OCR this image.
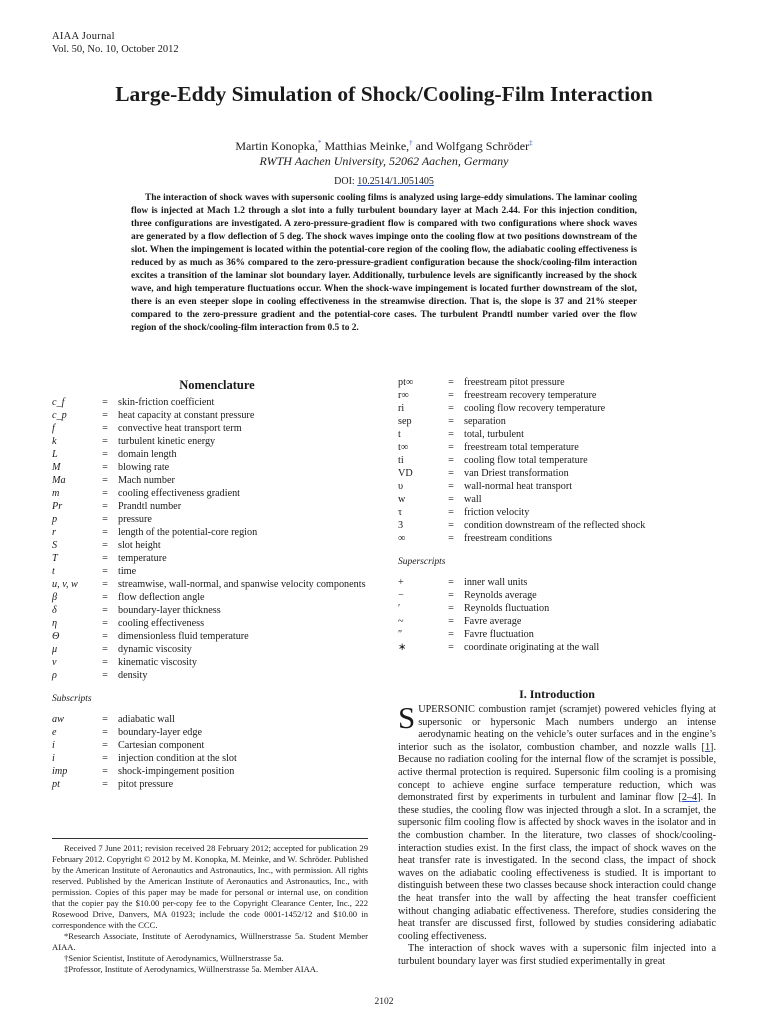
AIAA Journal
Vol. 50, No. 10, October 2012
Large-Eddy Simulation of Shock/Cooling-Film Interaction
Martin Konopka,* Matthias Meinke,† and Wolfgang Schröder‡
RWTH Aachen University, 52062 Aachen, Germany
DOI: 10.2514/1.J051405

The interaction of shock waves with supersonic cooling films is analyzed using large-eddy simulations. The laminar cooling flow is injected at Mach 1.2 through a slot into a fully turbulent boundary layer at Mach 2.44. For this injection condition, three configurations are investigated. A zero-pressure-gradient flow is compared with two configurations where shock waves are generated by a flow deflection of 5 deg. The shock waves impinge onto the cooling flow at two positions downstream of the slot. When the impingement is located within the potential-core region of the cooling flow, the adiabatic cooling effectiveness is reduced by as much as 36% compared to the zero-pressure-gradient configuration because the shock/cooling-film interaction excites a transition of the laminar slot boundary layer. Additionally, turbulence levels are significantly increased by the shock wave, and high temperature fluctuations occur. When the shock-wave impingement is located further downstream of the slot, there is an even steeper slope in cooling effectiveness in the streamwise direction. That is, the slope is 37 and 21% steeper compared to the zero-pressure gradient and the potential-core cases. The turbulent Prandtl number varied over the flow region of the shock/cooling-film interaction from 0.5 to 2.

Nomenclature
c_f	= skin-friction coefficient
c_p	= heat capacity at constant pressure
f	= convective heat transport term
k	= turbulent kinetic energy
L	= domain length
M	= blowing rate
Ma	= Mach number
m	= cooling effectiveness gradient
Pr	= Prandtl number
p	= pressure
r	= length of the potential-core region
S	= slot height
T	= temperature
t	= time
u, v, w	= streamwise, wall-normal, and spanwise velocity components
β	= flow deflection angle
δ	= boundary-layer thickness
η	= cooling effectiveness
Θ	= dimensionless fluid temperature
μ	= dynamic viscosity
ν	= kinematic viscosity
ρ	= density
Subscripts
aw	= adiabatic wall
e	= boundary-layer edge
i	= Cartesian component
i	= injection condition at the slot
imp	= shock-impingement position
pt	= pitot pressure
pt∞	= freestream pitot pressure
r∞	= freestream recovery temperature
ri	= cooling flow recovery temperature
sep	= separation
t	= total, turbulent
t∞	= freestream total temperature
ti	= cooling flow total temperature
VD	= van Driest transformation
υ	= wall-normal heat transport
w	= wall
τ	= friction velocity
3	= condition downstream of the reflected shock
∞	= freestream conditions
Superscripts
+	= inner wall units
−	= Reynolds average
′	= Reynolds fluctuation
~	= Favre average
″	= Favre fluctuation
∗	= coordinate originating at the wall
I. Introduction
SUPERSONIC combustion ramjet (scramjet) powered vehicles flying at supersonic or hypersonic Mach numbers undergo an intense aerodynamic heating on the vehicle’s outer surfaces and in the engine’s interior such as the isolator, combustion chamber, and nozzle walls [1]. Because no radiation cooling for the internal flow of the scramjet is possible, active thermal protection is required. Supersonic film cooling is a promising concept to achieve engine surface temperature reduction, which was demonstrated first by experiments in turbulent and laminar flow [2–4]. In these studies, the cooling flow was injected through a slot. In a scramjet, the supersonic film cooling flow is affected by shock waves in the isolator and in the combustion chamber. In the literature, two classes of shock/cooling-interaction studies exist. In the first class, the impact of shock waves on the heat transfer rate is investigated. In the second class, the impact of shock waves on the adiabatic cooling effectiveness is studied. It is important to distinguish between these two classes because shock interaction could change the heat transfer into the wall by affecting the heat transfer coefficient without changing adiabatic effectiveness. Therefore, studies considering the heat transfer are discussed first, followed by studies considering adiabatic cooling effectiveness.
The interaction of shock waves with a supersonic film injected into a turbulent boundary layer was first studied experimentally in great
Received 7 June 2011; revision received 28 February 2012; accepted for publication 29 February 2012. Copyright © 2012 by M. Konopka, M. Meinke, and W. Schröder. Published by the American Institute of Aeronautics and Astronautics, Inc., with permission. All rights reserved. Published by the American Institute of Aeronautics and Astronautics, Inc., with permission. Copies of this paper may be made for personal or internal use, on condition that the copier pay the $10.00 per-copy fee to the Copyright Clearance Center, Inc., 222 Rosewood Drive, Danvers, MA 01923; include the code 0001-1452/12 and $10.00 in correspondence with the CCC.
*Research Associate, Institute of Aerodynamics, Wüllnerstrasse 5a. Student Member AIAA.
†Senior Scientist, Institute of Aerodynamics, Wüllnerstrasse 5a.
‡Professor, Institute of Aerodynamics, Wüllnerstrasse 5a. Member AIAA.
2102
